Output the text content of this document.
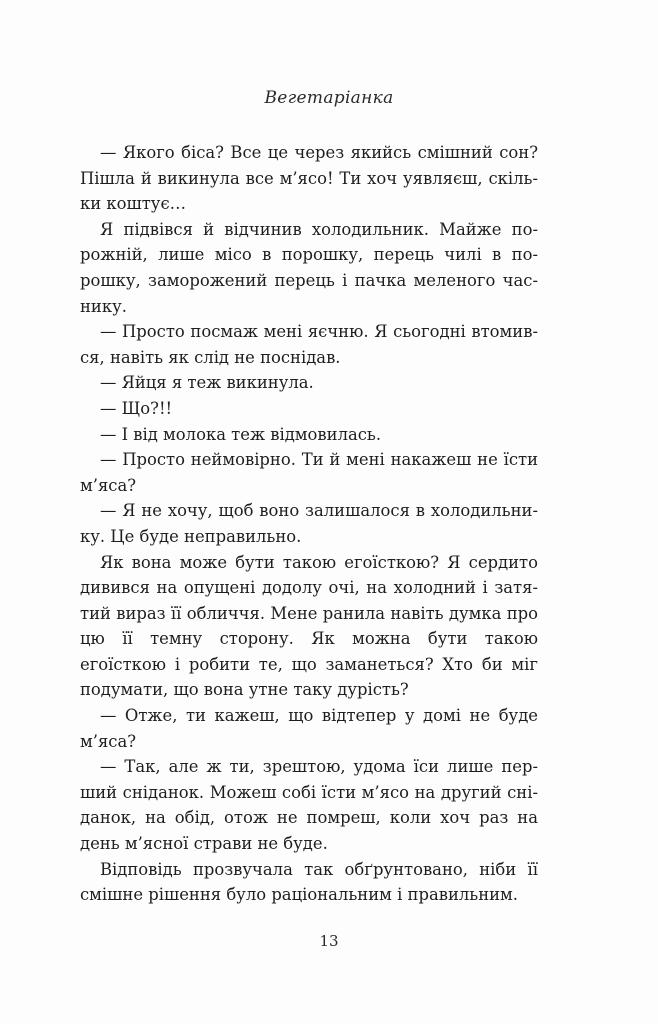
Вегетаріанка

— Якого біса? Все це через якийсь смішний сон? Пішла й викинула все м’ясо! Ти хоч уявляєш, скільки коштує…

Я підвівся й відчинив холодильник. Майже порожній, лише місо в порошку, перець чилі в порошку, заморожений перець і пачка меленого часнику.

— Просто посмаж мені яєчню. Я сьогодні втомився, навіть як слід не поснідав.

— Яйця я теж викинула.

— Що?!!

— І від молока теж відмовилась.

— Просто неймовірно. Ти й мені накажеш не їсти м’яса?

— Я не хочу, щоб воно залишалося в холодильнику. Це буде неправильно.

Як вона може бути такою егоїсткою? Я сердито дивився на опущені додолу очі, на холодний і затятий вираз її обличчя. Мене ранила навіть думка про цю її темну сторону. Як можна бути такою егоїсткою і робити те, що заманеться? Хто би міг подумати, що вона утне таку дурість?

— Отже, ти кажеш, що відтепер у домі не буде м’яса?

— Так, але ж ти, зрештою, удома їси лише перший сніданок. Можеш собі їсти м’ясо на другий сніданок, на обід, отож не помреш, коли хоч раз на день м’ясної страви не буде.

Відповідь прозвучала так обґрунтовано, ніби її смішне рішення було раціональним і правильним.

13
